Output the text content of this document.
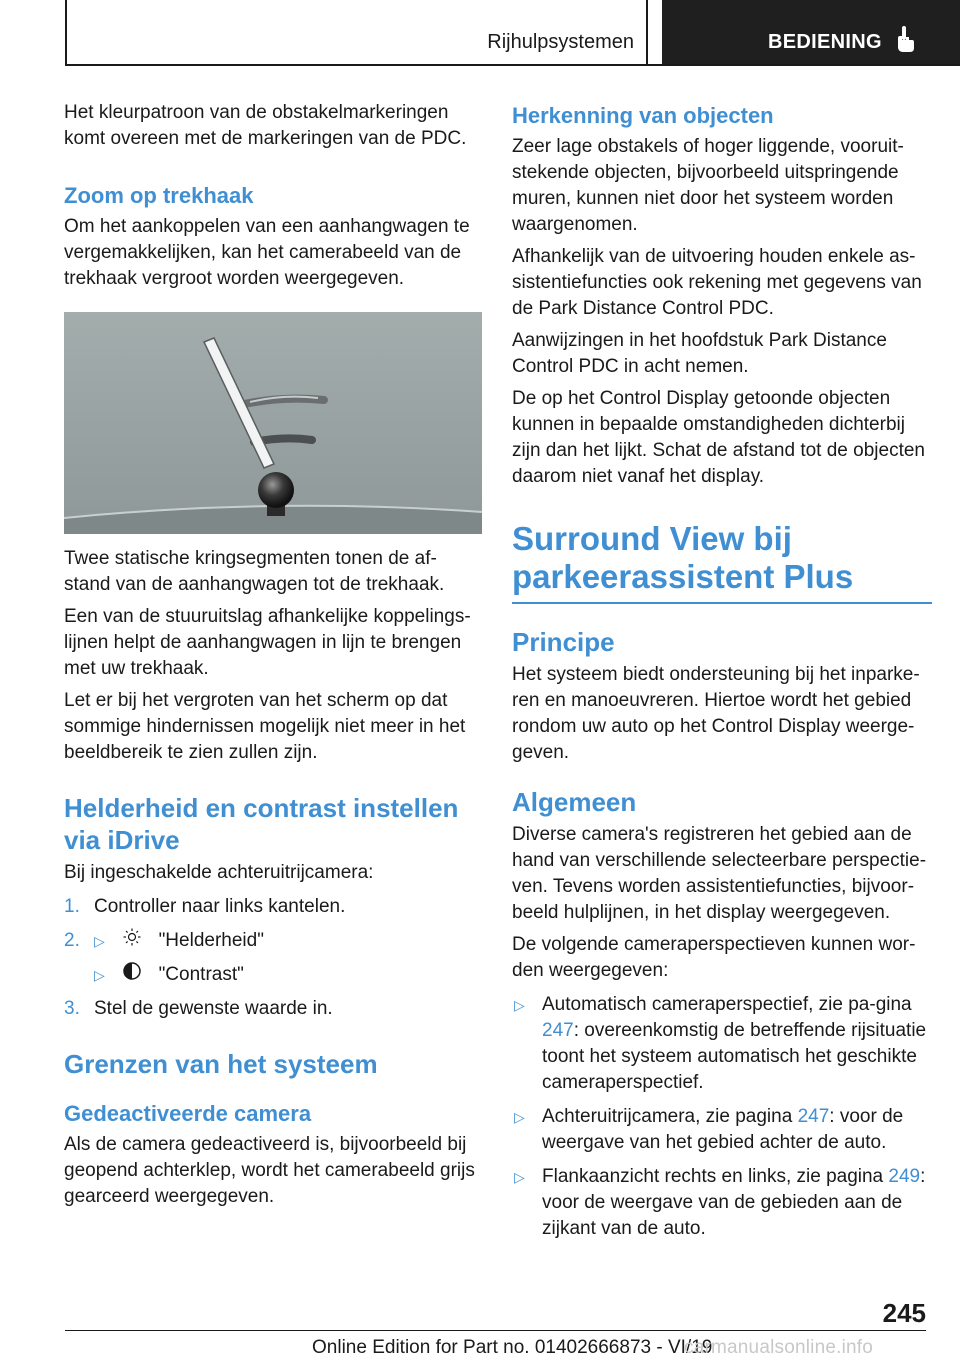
Rijhulpsystemen	BEDIENING

Het kleurpatroon van de obstakelmarkeringen komt overeen met de markeringen van de PDC.

Zoom op trekhaak

Om het aankoppelen van een aanhangwagen te vergemakkelijken, kan het camerabeeld van de trekhaak vergroot worden weergegeven.

Twee statische kringsegmenten tonen de af-stand van de aanhangwagen tot de trekhaak.

Een van de stuuruitslag afhankelijke koppelings-lijnen helpt de aanhangwagen in lijn te brengen met uw trekhaak.

Let er bij het vergroten van het scherm op dat sommige hindernissen mogelijk niet meer in het beeldbereik te zien zullen zijn.

Helderheid en contrast instellen via iDrive

Bij ingeschakelde achteruitrijcamera:

1. Controller naar links kantelen.
2. ▷	"Helderheid"
▷	"Contrast"
3. Stel de gewenste waarde in.
Grenzen van het systeem
Gedeactiveerde camera

Als de camera gedeactiveerd is, bijvoorbeeld bij geopend achterklep, wordt het camerabeeld grijs gearceerd weergegeven.

Herkenning van objecten

Zeer lage obstakels of hoger liggende, vooruit-stekende objecten, bijvoorbeeld uitspringende muren, kunnen niet door het systeem worden waargenomen.

Afhankelijk van de uitvoering houden enkele as-sistentiefuncties ook rekening met gegevens van de Park Distance Control PDC.

Aanwijzingen in het hoofdstuk Park Distance Control PDC in acht nemen.

De op het Control Display getoonde objecten kunnen in bepaalde omstandigheden dichterbij zijn dan het lijkt. Schat de afstand tot de objecten daarom niet vanaf het display.

Surround View bij parkeerassistent Plus
Principe

Het systeem biedt ondersteuning bij het inparke-ren en manoeuvreren. Hiertoe wordt het gebied rondom uw auto op het Control Display weerge-geven.

Algemeen

Diverse camera's registreren het gebied aan de hand van verschillende selecteerbare perspectie-ven. Tevens worden assistentiefuncties, bijvoor-beeld hulplijnen, in het display weergegeven.

De volgende cameraperspectieven kunnen wor-den weergegeven:

▷ Automatisch cameraperspectief, zie pa-gina 247: overeenkomstig de betreffende rijsituatie toont het systeem automatisch het geschikte cameraperspectief.
▷ Achteruitrijcamera, zie pagina 247: voor de weergave van het gebied achter de auto.
▷ Flankaanzicht rechts en links, zie pagina 249: voor de weergave van de gebieden aan de zijkant van de auto.
245
Online Edition for Part no. 01402666873 - VI/19
carmanualsonline.info
